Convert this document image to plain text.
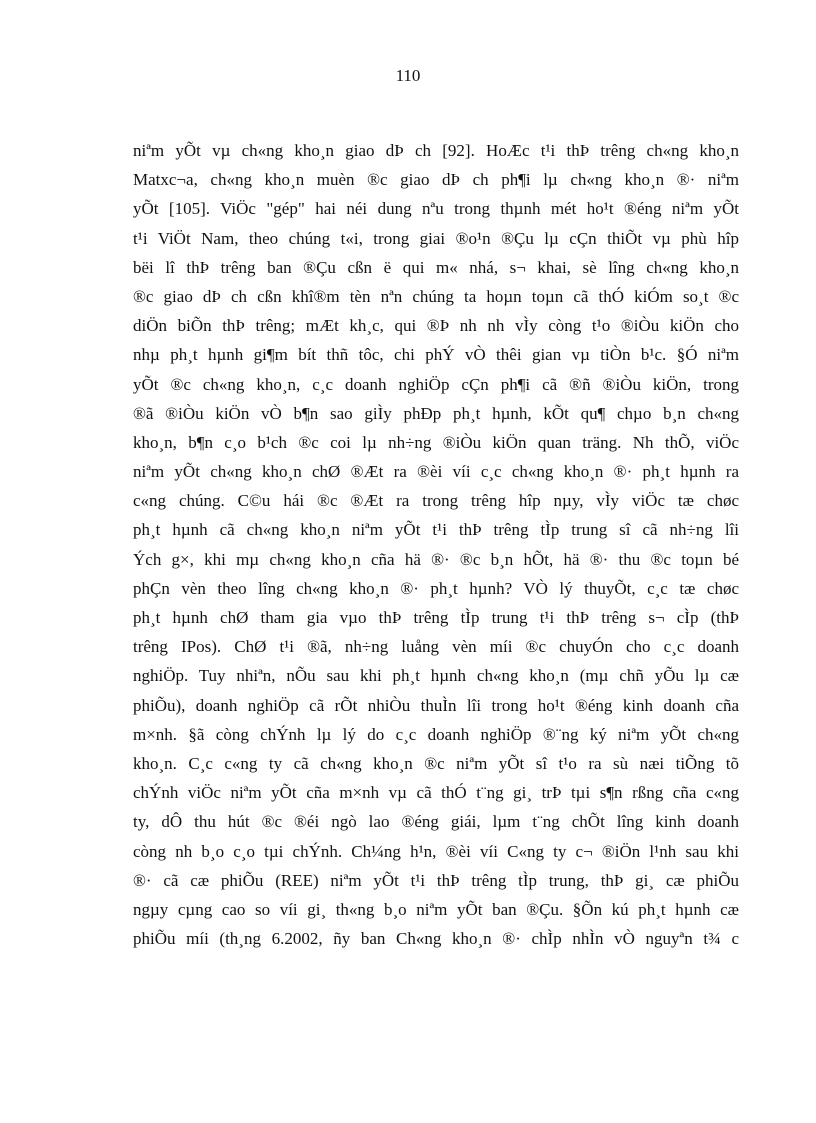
110
niªm yÕt vµ ch«ng kho¸n giao dÞ ch [92]. HoÆc t¹i thÞ trêng ch«ng kho¸n
Matxc¬a, ch«ng kho¸n muèn ®c giao dÞ ch ph¶i lµ ch«ng kho¸n ®· niªm
yÕt [105]. ViÖc "gép" hai néi dung nªu trong thµnh mét ho¹t ®éng niªm yÕt
t¹i ViÖt Nam, theo chúng t«i, trong giai ®o¹n ®Çu lµ cÇn thiÕt vµ phù hîp
bëi lî thÞ trêng ban ®Çu cßn ë qui m« nhá, s¬ khai, sè lîng ch«ng kho¸n
®c giao dÞ ch cßn khî®m tèn nªn chúng ta hoµn toµn cã thÓ kiÓm so¸t ®c
diÖn biÕn thÞ trêng; mÆt kh¸c, qui ®Þ nh nh vÌy còng t¹o ®iÒu kiÖn cho
nhµ ph¸t hµnh gi¶m bít thñ tôc, chi phÝ vÒ thêi gian vµ tiÒn b¹c. §Ó niªm
yÕt ®c ch«ng kho¸n, c¸c doanh nghiÖp cÇn ph¶i cã ®ñ ®iÒu kiÖn, trong
®ã ®iÒu kiÖn vÒ b¶n sao giÌy phÐp ph¸t hµnh, kÕt qu¶ chµo b¸n ch«ng
kho¸n, b¶n c¸o b¹ch ®c coi lµ nh÷ng ®iÒu kiÖn quan träng. Nh thÕ, viÖc
niªm yÕt ch«ng kho¸n chØ ®Æt ra ®èi víi c¸c ch«ng kho¸n ®· ph¸t hµnh ra
c«ng chúng. C©u hái ®c ®Æt ra trong trêng hîp nµy, vÌy viÖc tæ chøc
ph¸t hµnh cã ch«ng kho¸n niªm yÕt t¹i thÞ trêng tÌp trung sî cã nh÷ng lîi
Ých g×, khi mµ ch«ng kho¸n cña hä ®· ®c b¸n hÕt, hä ®· thu ®c toµn bé
phÇn vèn theo lîng ch«ng kho¸n ®· ph¸t hµnh? VÒ lý thuyÕt, c¸c tæ chøc
ph¸t hµnh chØ tham gia vµo thÞ trêng tÌp trung t¹i thÞ trêng s¬ cÌp (thÞ
trêng IPos). ChØ t¹i ®ã, nh÷ng luång vèn míi ®c chuyÓn cho c¸c doanh
nghiÖp. Tuy nhiªn, nÕu sau khi ph¸t hµnh ch«ng kho¸n (mµ chñ yÕu lµ cæ
phiÕu), doanh nghiÖp cã rÕt nhiÒu thuÌn lîi trong ho¹t ®éng kinh doanh cña
m×nh. §ã còng chÝnh lµ lý do c¸c doanh nghiÖp ®¨ng ký niªm yÕt ch«ng
kho¸n. C¸c c«ng ty cã ch«ng kho¸n ®c niªm yÕt sî t¹o ra sù næi tiÕng tõ
chÝnh viÖc niªm yÕt cña m×nh vµ cã thÓ t¨ng gi¸ trÞ tµi s¶n rßng cña c«ng
ty, dÔ thu hút ®c ®éi ngò lao ®éng giái, lµm t¨ng chÕt lîng kinh doanh
còng nh b¸o c¸o tµi chÝnh. Ch¼ng h¹n, ®èi víi C«ng ty c¬ ®iÖn l¹nh sau khi
®· cã cæ phiÕu (REE) niªm yÕt t¹i thÞ trêng tÌp trung, thÞ gi¸ cæ phiÕu
ngµy cµng cao so víi gi¸ th«ng b¸o niªm yÕt ban ®Çu. §Õn kú ph¸t hµnh cæ
phiÕu míi (th¸ng 6.2002, ñy ban Ch«ng kho¸n ®· chÌp nhÌn vÒ nguyªn t¾ c
